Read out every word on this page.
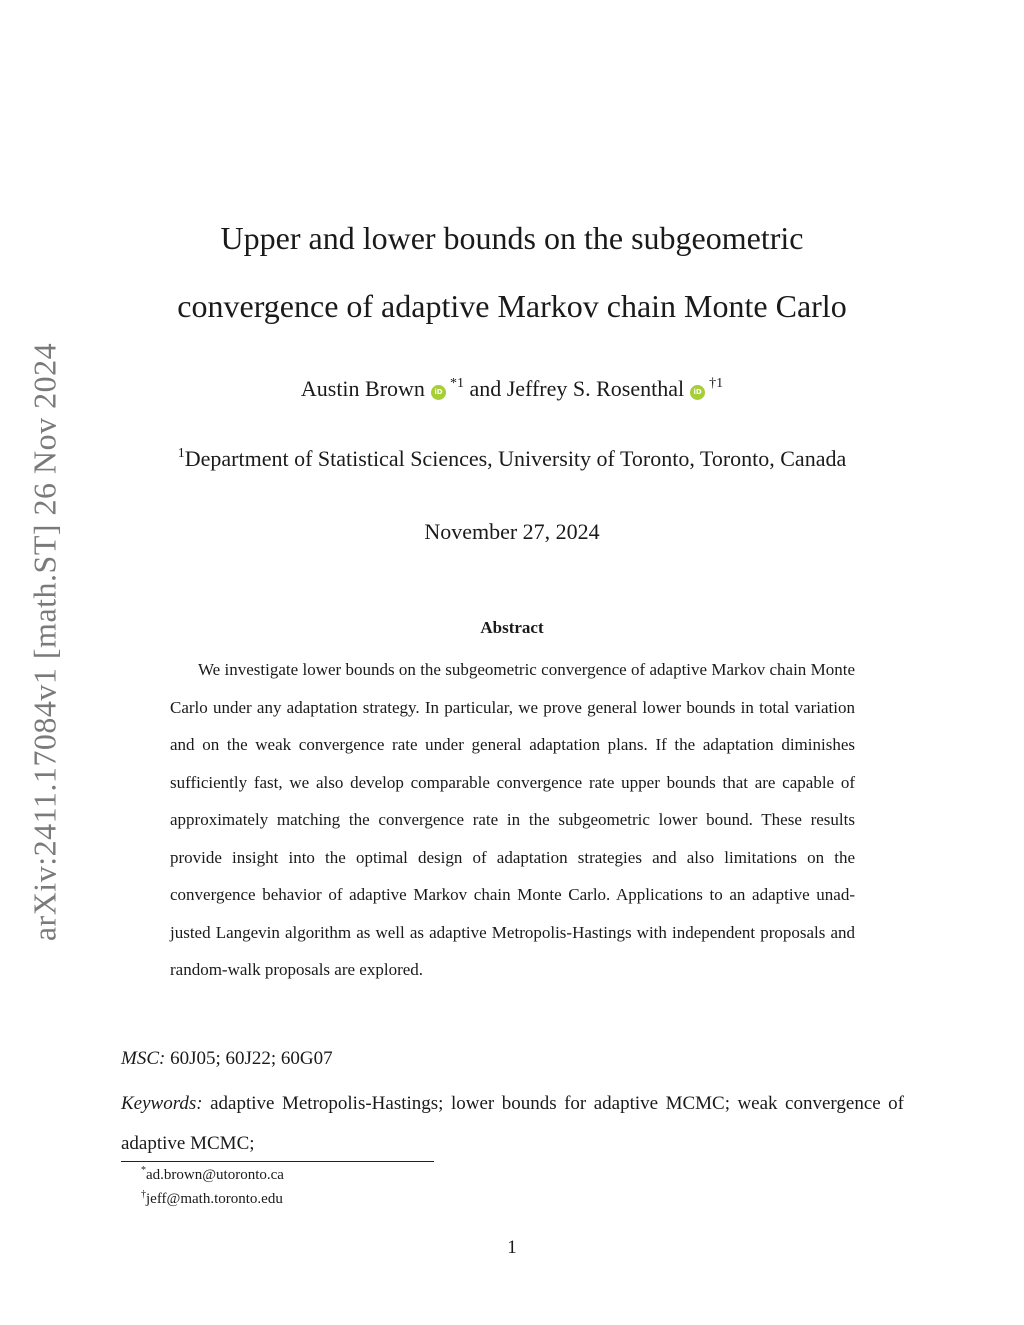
arXiv:2411.17084v1 [math.ST] 26 Nov 2024
Upper and lower bounds on the subgeometric
convergence of adaptive Markov chain Monte Carlo
Austin Brown $iD^{*1}$ and Jeffrey S. Rosenthal $iD^{\dagger 1}$
$^1$Department of Statistical Sciences, University of Toronto, Toronto, Canada
November 27, 2024
Abstract
We investigate lower bounds on the subgeometric convergence of adaptive Markov chain Monte Carlo under any adaptation strategy. In particular, we prove general lower bounds in total variation and on the weak convergence rate under general adaptation plans. If the adaptation diminishes sufficiently fast, we also develop comparable convergence rate upper bounds that are capable of approximately matching the convergence rate in the subgeometric lower bound. These results provide insight into the optimal design of adaptation strategies and also limitations on the convergence behavior of adaptive Markov chain Monte Carlo. Applications to an adaptive unadjusted Langevin algorithm as well as adaptive Metropolis-Hastings with independent proposals and random-walk proposals are explored.
MSC: 60J05; 60J22; 60G07
Keywords: adaptive Metropolis-Hastings; lower bounds for adaptive MCMC; weak convergence of adaptive MCMC;
*ad.brown@utoronto.ca
†jeff@math.toronto.edu
1
